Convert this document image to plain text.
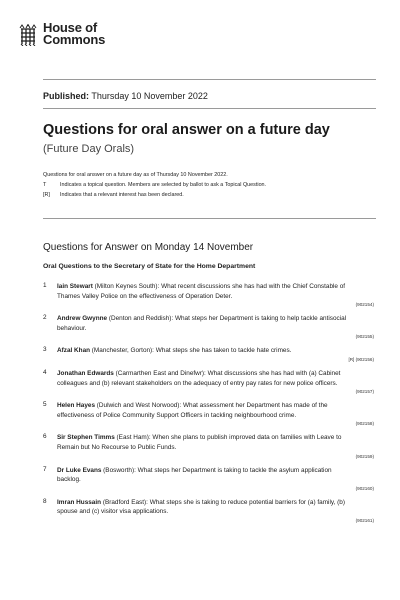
House of
Commons
Published: Thursday 10 November 2022
Questions for oral answer on a future day
(Future Day Orals)
Questions for oral answer on a future day as of Thursday 10 November 2022.
T	Indicates a topical question. Members are selected by ballot to ask a Topical Question.
[R] Indicates that a relevant interest has been declared.
Questions for Answer on Monday 14 November
Oral Questions to the Secretary of State for the Home Department
1	Iain Stewart (Milton Keynes South): What recent discussions she has had with the Chief Constable of Thames Valley Police on the effectiveness of Operation Deter.
(902154)
2	Andrew Gwynne (Denton and Reddish): What steps her Department is taking to help tackle antisocial behaviour.
(902155)
3	Afzal Khan (Manchester, Gorton): What steps she has taken to tackle hate crimes.
[R] (902156)
4	Jonathan Edwards (Carmarthen East and Dinefwr): What discussions she has had with (a) Cabinet colleagues and (b) relevant stakeholders on the adequacy of entry pay rates for new police officers.
(902157)
5	Helen Hayes (Dulwich and West Norwood): What assessment her Department has made of the effectiveness of Police Community Support Officers in tackling neighbourhood crime.
(902158)
6	Sir Stephen Timms (East Ham): When she plans to publish improved data on families with Leave to Remain but No Recourse to Public Funds.
(902159)
7	Dr Luke Evans (Bosworth): What steps her Department is taking to tackle the asylum application backlog.
(902160)
8	Imran Hussain (Bradford East): What steps she is taking to reduce potential barriers for (a) family, (b) spouse and (c) visitor visa applications.
(902161)
